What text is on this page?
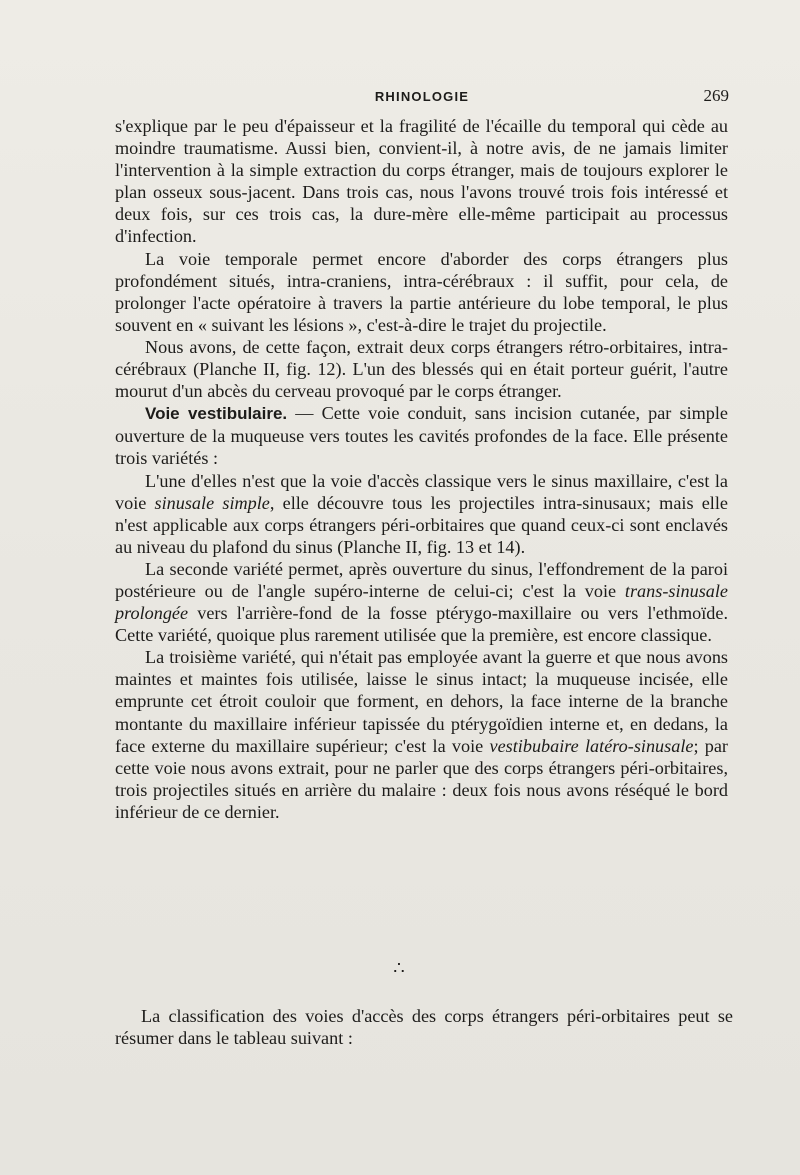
RHINOLOGIE	269

s'explique par le peu d'épaisseur et la fragilité de l'écaille du temporal qui cède au moindre traumatisme. Aussi bien, convient-il, à notre avis, de ne jamais limiter l'intervention à la simple extraction du corps étranger, mais de toujours explorer le plan osseux sous-jacent. Dans trois cas, nous l'avons trouvé trois fois intéressé et deux fois, sur ces trois cas, la dure-mère elle-même participait au processus d'infection.

La voie temporale permet encore d'aborder des corps étrangers plus profondément situés, intra-craniens, intra-cérébraux : il suffit, pour cela, de prolonger l'acte opératoire à travers la partie antérieure du lobe temporal, le plus souvent en « suivant les lésions », c'est-à-dire le trajet du projectile.

Nous avons, de cette façon, extrait deux corps étrangers rétro-orbitaires, intra-cérébraux (Planche II, fig. 12). L'un des blessés qui en était porteur guérit, l'autre mourut d'un abcès du cerveau provoqué par le corps étranger.

Voie vestibulaire. — Cette voie conduit, sans incision cutanée, par simple ouverture de la muqueuse vers toutes les cavités profondes de la face. Elle présente trois variétés :

L'une d'elles n'est que la voie d'accès classique vers le sinus maxillaire, c'est la voie sinusale simple, elle découvre tous les projectiles intra-sinusaux; mais elle n'est applicable aux corps étrangers péri-orbitaires que quand ceux-ci sont enclavés au niveau du plafond du sinus (Planche II, fig. 13 et 14).

La seconde variété permet, après ouverture du sinus, l'effondrement de la paroi postérieure ou de l'angle supéro-interne de celui-ci; c'est la voie trans-sinusale prolongée vers l'arrière-fond de la fosse ptérygo-maxillaire ou vers l'ethmoïde. Cette variété, quoique plus rarement utilisée que la première, est encore classique.

La troisième variété, qui n'était pas employée avant la guerre et que nous avons maintes et maintes fois utilisée, laisse le sinus intact; la muqueuse incisée, elle emprunte cet étroit couloir que forment, en dehors, la face interne de la branche montante du maxillaire inférieur tapissée du ptérygoïdien interne et, en dedans, la face externe du maxillaire supérieur; c'est la voie vestibubaire latéro-sinusale; par cette voie nous avons extrait, pour ne parler que des corps étrangers péri-orbitaires, trois projectiles situés en arrière du malaire : deux fois nous avons réséqué le bord inférieur de ce dernier.

∴

La classification des voies d'accès des corps étrangers péri-orbitaires peut se résumer dans le tableau suivant :
